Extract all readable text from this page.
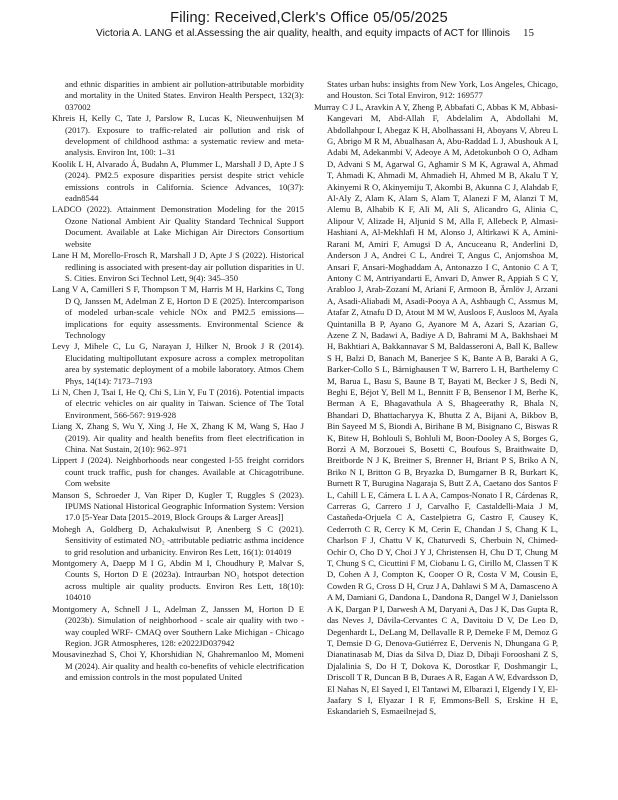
Filing: Received,Clerk's Office 05/05/2025
Victoria A. LANG et al.Assessing the air quality, health, and equity impacts of ACT for Illinois 15
and ethnic disparities in ambient air pollution-attributable morbidity and mortality in the United States. Environ Health Perspect, 132(3): 037002
Khreis H, Kelly C, Tate J, Parslow R, Lucas K, Nieuwenhuijsen M (2017). Exposure to traffic-related air pollution and risk of development of childhood asthma: a systematic review and meta-analysis. Environ Int, 100: 1–31
Koolik L H, Alvarado Á, Budahn A, Plummer L, Marshall J D, Apte J S (2024). PM2.5 exposure disparities persist despite strict vehicle emissions controls in California. Science Advances, 10(37): eadn8544
LADCO (2022). Attainment Demonstration Modeling for the 2015 Ozone National Ambient Air Quality Standard Technical Support Document. Available at Lake Michigan Air Directors Consortium website
Lane H M, Morello-Frosch R, Marshall J D, Apte J S (2022). Historical redlining is associated with present-day air pollution disparities in U. S. Cities. Environ Sci Technol Lett, 9(4): 345–350
Lang V A, Camilleri S F, Thompson T M, Harris M H, Harkins C, Tong D Q, Janssen M, Adelman Z E, Horton D E (2025). Intercomparison of modeled urban-scale vehicle NOx and PM2.5 emissions—implications for equity assessments. Environmental Science & Technology
Levy J, Mihele C, Lu G, Narayan J, Hilker N, Brook J R (2014). Elucidating multipollutant exposure across a complex metropolitan area by systematic deployment of a mobile laboratory. Atmos Chem Phys, 14(14): 7173–7193
Li N, Chen J, Tsai I, He Q, Chi S, Lin Y, Fu T (2016). Potential impacts of electric vehicles on air quality in Taiwan. Science of The Total Environment, 566-567: 919-928
Liang X, Zhang S, Wu Y, Xing J, He X, Zhang K M, Wang S, Hao J (2019). Air quality and health benefits from fleet electrification in China. Nat Sustain, 2(10): 962–971
Lippert J (2024). Neighborhoods near congested I-55 freight corridors count truck traffic, push for changes. Available at Chicagotribune. Com website
Manson S, Schroeder J, Van Riper D, Kugler T, Ruggles S (2023). IPUMS National Historical Geographic Information System: Version 17.0 [5-Year Data [2015–2019, Block Groups & Larger Areas]]
Mohegh A, Goldberg D, Achakulwisut P, Anenberg S C (2021). Sensitivity of estimated NO₂ -attributable pediatric asthma incidence to grid resolution and urbanicity. Environ Res Lett, 16(1): 014019
Montgomery A, Daepp M I G, Abdin M I, Choudhury P, Malvar S, Counts S, Horton D E (2023a). Intraurban NO₂ hotspot detection across multiple air quality products. Environ Res Lett, 18(10): 104010
Montgomery A, Schnell J L, Adelman Z, Janssen M, Horton D E (2023b). Simulation of neighborhood - scale air quality with two - way coupled WRF- CMAQ over Southern Lake Michigan - Chicago Region. JGR Atmospheres, 128: e2022JD037942
Mousavinezhad S, Choi Y, Khorshidian N, Ghahremanloo M, Momeni M (2024). Air quality and health co-benefits of vehicle electrification and emission controls in the most populated United
States urban hubs: insights from New York, Los Angeles, Chicago, and Houston. Sci Total Environ, 912: 169577
Murray C J L, Aravkin A Y, Zheng P, Abbafati C, Abbas K M, Abbasi-Kangevari M, Abd-Allah F, Abdelalim A, Abdollahi M, Abdollahpour I, Abegaz K H, Abolhassani H, Aboyans V, Abreu L G, Abrigo M R M, Abualhasan A, Abu-Raddad L J, Abushouk A I, Adabi M, Adekanmbi V, Adeoye A M, Adetokunboh O O, Adham D, Advani S M, Agarwal G, Aghamir S M K, Agrawal A, Ahmad T, Ahmadi K, Ahmadi M, Ahmadieh H, Ahmed M B, Akalu T Y, Akinyemi R O, Akinyemiju T, Akombi B, Akunna C J, Alahdab F, Al-Aly Z, Alam K, Alam S, Alam T, Alanezi F M, Alanzi T M, Alemu B, Alhabib K F, Ali M, Ali S, Alicandro G, Alinia C, Alipour V, Alizade H, Aljunid S M, Alla F, Allebeck P, Almasi-Hashiani A, Al-Mekhlafi H M, Alonso J, Altirkawi K A, Amini-Rarani M, Amiri F, Amugsi D A, Ancuceanu R, Anderlini D, Anderson J A, Andrei C L, Andrei T, Angus C, Anjomshoa M, Ansari F, Ansari-Moghaddam A, Antonazzo I C, Antonio C A T, Antony C M, Antriyandarti E, Anvari D, Anwer R, Appiah S C Y, Arabloo J, Arab-Zozani M, Ariani F, Armoon B, Ärnlöv J, Arzani A, Asadi-Aliabadi M, Asadi-Pooya A A, Ashbaugh C, Assmus M, Atafar Z, Atnafu D D, Atout M M W, Ausloos F, Ausloos M, Ayala Quintanilla B P, Ayano G, Ayanore M A, Azari S, Azarian G, Azene Z N, Badawi A, Badiye A D, Bahrami M A, Bakhshaei M H, Bakhtiari A, Bakkannavar S M, Baldasseroni A, Ball K, Ballew S H, Balzi D, Banach M, Banerjee S K, Bante A B, Baraki A G, Barker-Collo S L, Bärnighausen T W, Barrero L H, Barthelemy C M, Barua L, Basu S, Baune B T, Bayati M, Becker J S, Bedi N, Beghi E, Béjot Y, Bell M L, Bennitt F B, Bensenor I M, Berhe K, Berman A E, Bhagavathula A S, Bhageerathy R, Bhala N, Bhandari D, Bhattacharyya K, Bhutta Z A, Bijani A, Bikbov B, Bin Sayeed M S, Biondi A, Birihane B M, Bisignano C, Biswas R K, Bitew H, Bohlouli S, Bohluli M, Boon-Dooley A S, Borges G, Borzì A M, Borzouei S, Bosetti C, Boufous S, Braithwaite D, Breitborde N J K, Breitner S, Brenner H, Briant P S, Briko A N, Briko N I, Britton G B, Bryazka D, Bumgarner B R, Burkart K, Burnett R T, Burugina Nagaraja S, Butt Z A, Caetano dos Santos F L, Cahill L E, Cámera L L A A, Campos-Nonato I R, Cárdenas R, Carreras G, Carrero J J, Carvalho F, Castaldelli-Maia J M, Castañeda-Orjuela C A, Castelpietra G, Castro F, Causey K, Cederroth C R, Cercy K M, Cerin E, Chandan J S, Chang K L, Charlson F J, Chattu V K, Chaturvedi S, Cherbuin N, Chimed-Ochir O, Cho D Y, Choi J Y J, Christensen H, Chu D T, Chung M T, Chung S C, Cicuttini F M, Ciobanu L G, Cirillo M, Classen T K D, Cohen A J, Compton K, Cooper O R, Costa V M, Cousin E, Cowden R G, Cross D H, Cruz J A, Dahlawi S M A, Damasceno A A M, Damiani G, Dandona L, Dandona R, Dangel W J, Danielsson A K, Dargan P I, Darwesh A M, Daryani A, Das J K, Das Gupta R, das Neves J, Dávila-Cervantes C A, Davitoiu D V, De Leo D, Degenhardt L, DeLang M, Dellavalle R P, Demeke F M, Demoz G T, Demsie D G, Denova-Gutiérrez E, Dervenis N, Dhungana G P, Dianatinasab M, Dias da Silva D, Diaz D, Dibaji Forooshani Z S, Djalalinia S, Do H T, Dokova K, Dorostkar F, Doshmangir L, Driscoll T R, Duncan B B, Duraes A R, Eagan A W, Edvardsson D, El Nahas N, El Sayed I, El Tantawi M, Elbarazi I, Elgendy I Y, El-Jaafary S I, Elyazar I R F, Emmons-Bell S, Erskine H E, Eskandarieh S, Esmaeilnejad S,
